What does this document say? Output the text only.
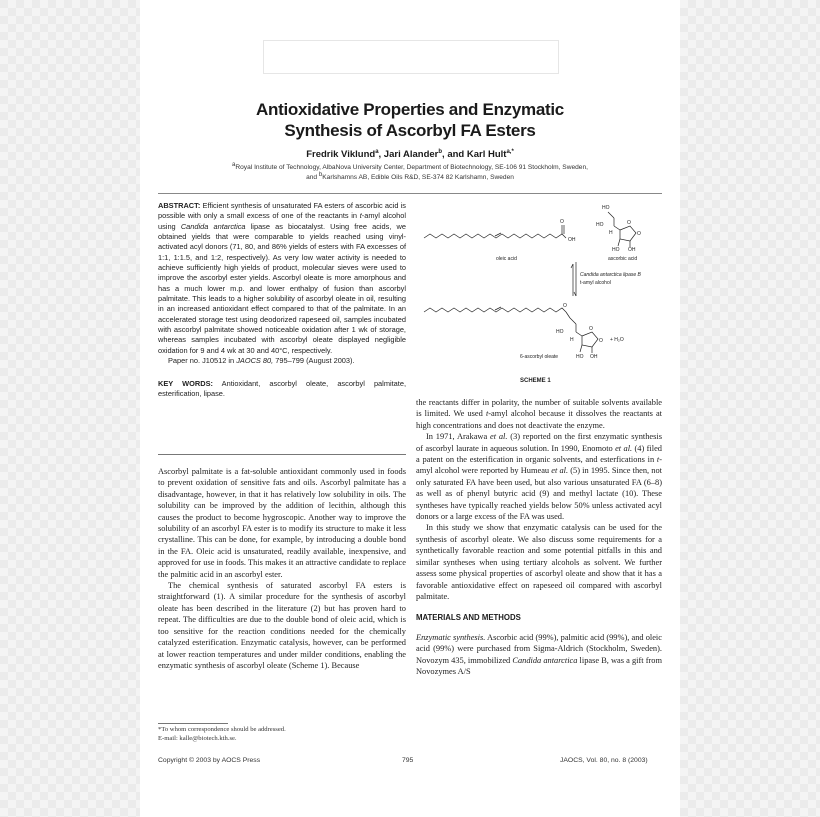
Antioxidative Properties and Enzymatic
Synthesis of Ascorbyl FA Esters
Fredrik Viklund$^a$, Jari Alander$^b$, and Karl Hult$^{a,*}$
aRoyal Institute of Technology, AlbaNova University Center, Department of Biotechnology, SE-106 91 Stockholm, Sweden,
and bKarlshamns AB, Edible Oils R&D, SE-374 82 Karlshamn, Sweden

ABSTRACT: Efficient synthesis of unsaturated FA esters of ascorbic acid is possible with only a small excess of one of the reactants in t-amyl alcohol using Candida antarctica lipase as biocatalyst. Using free acids, we obtained yields that were comparable to yields reached using vinyl-activated acyl donors (71, 80, and 86% yields of esters with FA excesses of 1:1, 1:1.5, and 1:2, respectively). As very low water activity is needed to achieve sufficiently high yields of product, molecular sieves were used to improve the ascorbyl ester yields. Ascorbyl oleate is more amorphous and has a much lower m.p. and lower enthalpy of fusion than ascorbyl palmitate. This leads to a higher solubility of ascorbyl oleate in oil, resulting in an increased antioxidant effect compared to that of the palmitate. In an accelerated storage test using deodorized rapeseed oil, samples incubated with ascorbyl palmitate showed noticeable oxidation after 1 wk of storage, whereas samples incubated with ascorbyl oleate displayed negligible oxidation for 9 and 4 wk at 30 and 40°C, respectively.

Paper no. J10512 in JAOCS 80, 795–799 (August 2003).

KEY WORDS: Antioxidant, ascorbyl oleate, ascorbyl palmitate, esterification, lipase.

Ascorbyl palmitate is a fat-soluble antioxidant commonly used in foods to prevent oxidation of sensitive fats and oils. Ascorbyl palmitate has a disadvantage, however, in that it has relatively low solubility in oils. The solubility can be improved by the addition of lecithin, although this causes the product to become hygroscopic. Another way to improve the solubility of an ascorbyl FA ester is to modify its structure to make it less crystalline. This can be done, for example, by introducing a double bond in the FA. Oleic acid is unsaturated, readily available, inexpensive, and approved for use in foods. This makes it an attractive candidate to replace the palmitic acid in an ascorbyl ester.

The chemical synthesis of saturated ascorbyl FA esters is straightforward (1). A similar procedure for the synthesis of ascorbyl oleate has been described in the literature (2) but has proven hard to repeat. The difficulties are due to the double bond of oleic acid, which is too sensitive for the reaction conditions needed for the chemically catalyzed esterification. Enzymatic catalysis, however, can be performed at lower reaction temperatures and under milder conditions, enabling the enzymatic synthesis of ascorbyl oleate (Scheme 1). Because

*To whom correspondence should be addressed.
E-mail: kalle@biotech.kth.se.
O
OH
oleic acid
HO
HO
H
O
O
HO OH
ascorbic acid
Candida antarctica lipase B
t-amyl alcohol
O
HO
H
O
O
HO OH
+ H₂O
6-ascorbyl oleate
SCHEME 1

the reactants differ in polarity, the number of suitable solvents available is limited. We used t-amyl alcohol because it dissolves the reactants at high concentrations and does not deactivate the enzyme.

In 1971, Arakawa et al. (3) reported on the first enzymatic synthesis of ascorbyl laurate in aqueous solution. In 1990, Enomoto et al. (4) filed a patent on the esterification in organic solvents, and esterfications in t-amyl alcohol were reported by Humeau et al. (5) in 1995. Since then, not only saturated FA have been used, but also various unsaturated FA (6–8) as well as of phenyl butyric acid (9) and methyl lactate (10). These syntheses have typically reached yields below 50% unless activated acyl donors or a large excess of the FA was used.

In this study we show that enzymatic catalysis can be used for the synthesis of ascorbyl oleate. We also discuss some requirements for a synthetically favorable reaction and some potential pitfalls in this and similar syntheses when using tertiary alcohols as solvent. We further assess some physical properties of ascorbyl oleate and show that it has a favorable antioxidative effect on rapeseed oil compared with ascorbyl palmitate.

MATERIALS AND METHODS

Enzymatic synthesis. Ascorbic acid (99%), palmitic acid (99%), and oleic acid (99%) were purchased from Sigma-Aldrich (Stockholm, Sweden). Novozym 435, immobilized Candida antarctica lipase B, was a gift from Novozymes A/S

Copyright © 2003 by AOCS Press	795	JAOCS, Vol. 80, no. 8 (2003)
